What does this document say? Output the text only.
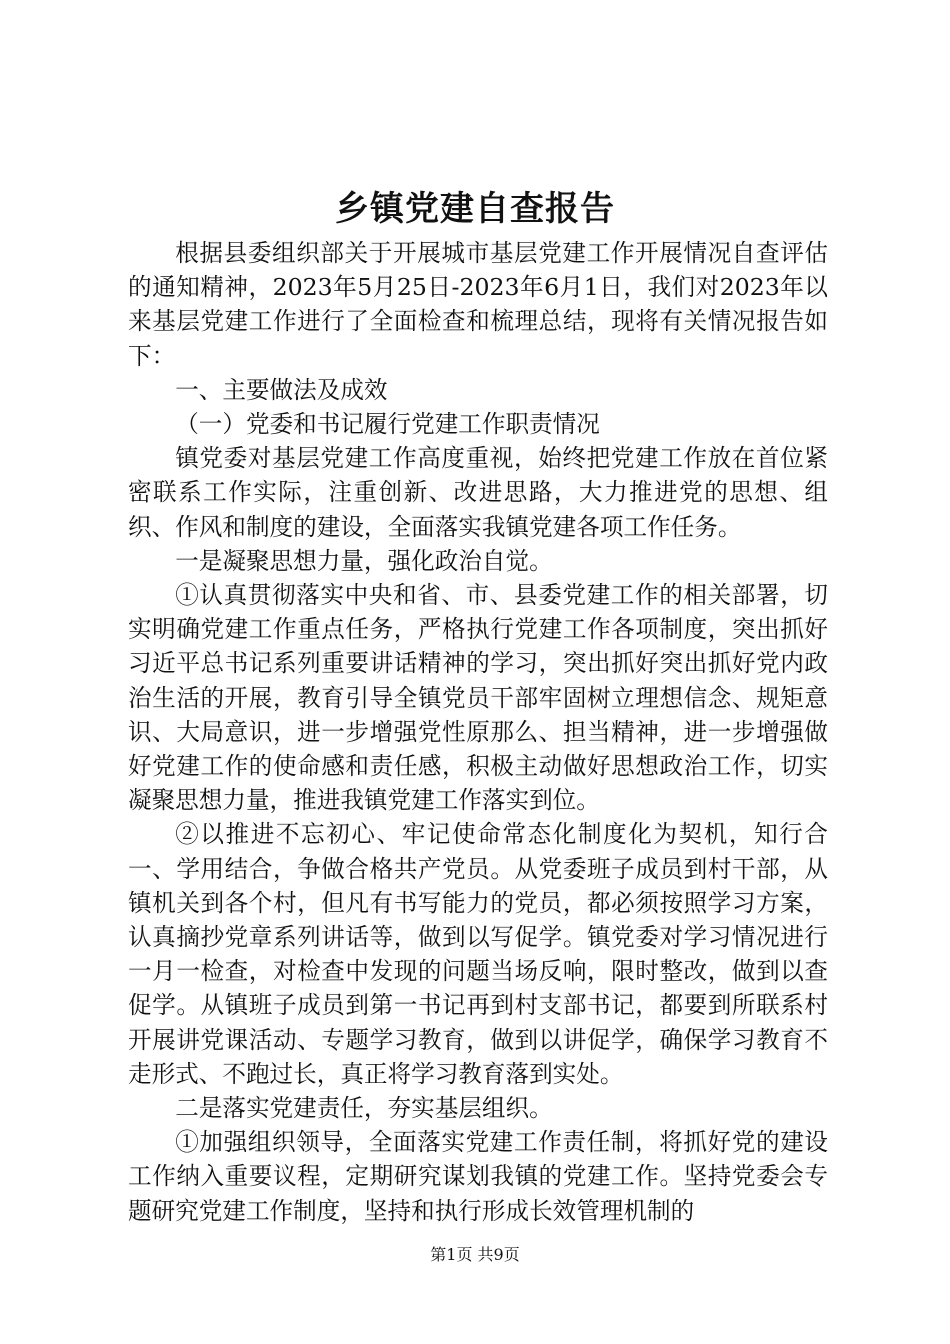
乡镇党建自查报告

根据县委组织部关于开展城市基层党建工作开展情况自查评估的通知精神，2023年5月25日-2023年6月1日，我们对2023年以来基层党建工作进行了全面检查和梳理总结，现将有关情况报告如下：

一、主要做法及成效

（一）党委和书记履行党建工作职责情况

镇党委对基层党建工作高度重视，始终把党建工作放在首位紧密联系工作实际，注重创新、改进思路，大力推进党的思想、组织、作风和制度的建设，全面落实我镇党建各项工作任务。

一是凝聚思想力量，强化政治自觉。

①认真贯彻落实中央和省、市、县委党建工作的相关部署，切实明确党建工作重点任务，严格执行党建工作各项制度，突出抓好习近平总书记系列重要讲话精神的学习，突出抓好突出抓好党内政治生活的开展，教育引导全镇党员干部牢固树立理想信念、规矩意识、大局意识，进一步增强党性原那么、担当精神，进一步增强做好党建工作的使命感和责任感，积极主动做好思想政治工作，切实凝聚思想力量，推进我镇党建工作落实到位。

②以推进不忘初心、牢记使命常态化制度化为契机，知行合一、学用结合，争做合格共产党员。从党委班子成员到村干部，从镇机关到各个村，但凡有书写能力的党员，都必须按照学习方案，认真摘抄党章系列讲话等，做到以写促学。镇党委对学习情况进行一月一检查，对检查中发现的问题当场反响，限时整改，做到以查促学。从镇班子成员到第一书记再到村支部书记，都要到所联系村开展讲党课活动、专题学习教育，做到以讲促学，确保学习教育不走形式、不跑过长，真正将学习教育落到实处。

二是落实党建责任，夯实基层组织。

①加强组织领导，全面落实党建工作责任制，将抓好党的建设工作纳入重要议程，定期研究谋划我镇的党建工作。坚持党委会专题研究党建工作制度，坚持和执行形成长效管理机制的

第1页 共9页
